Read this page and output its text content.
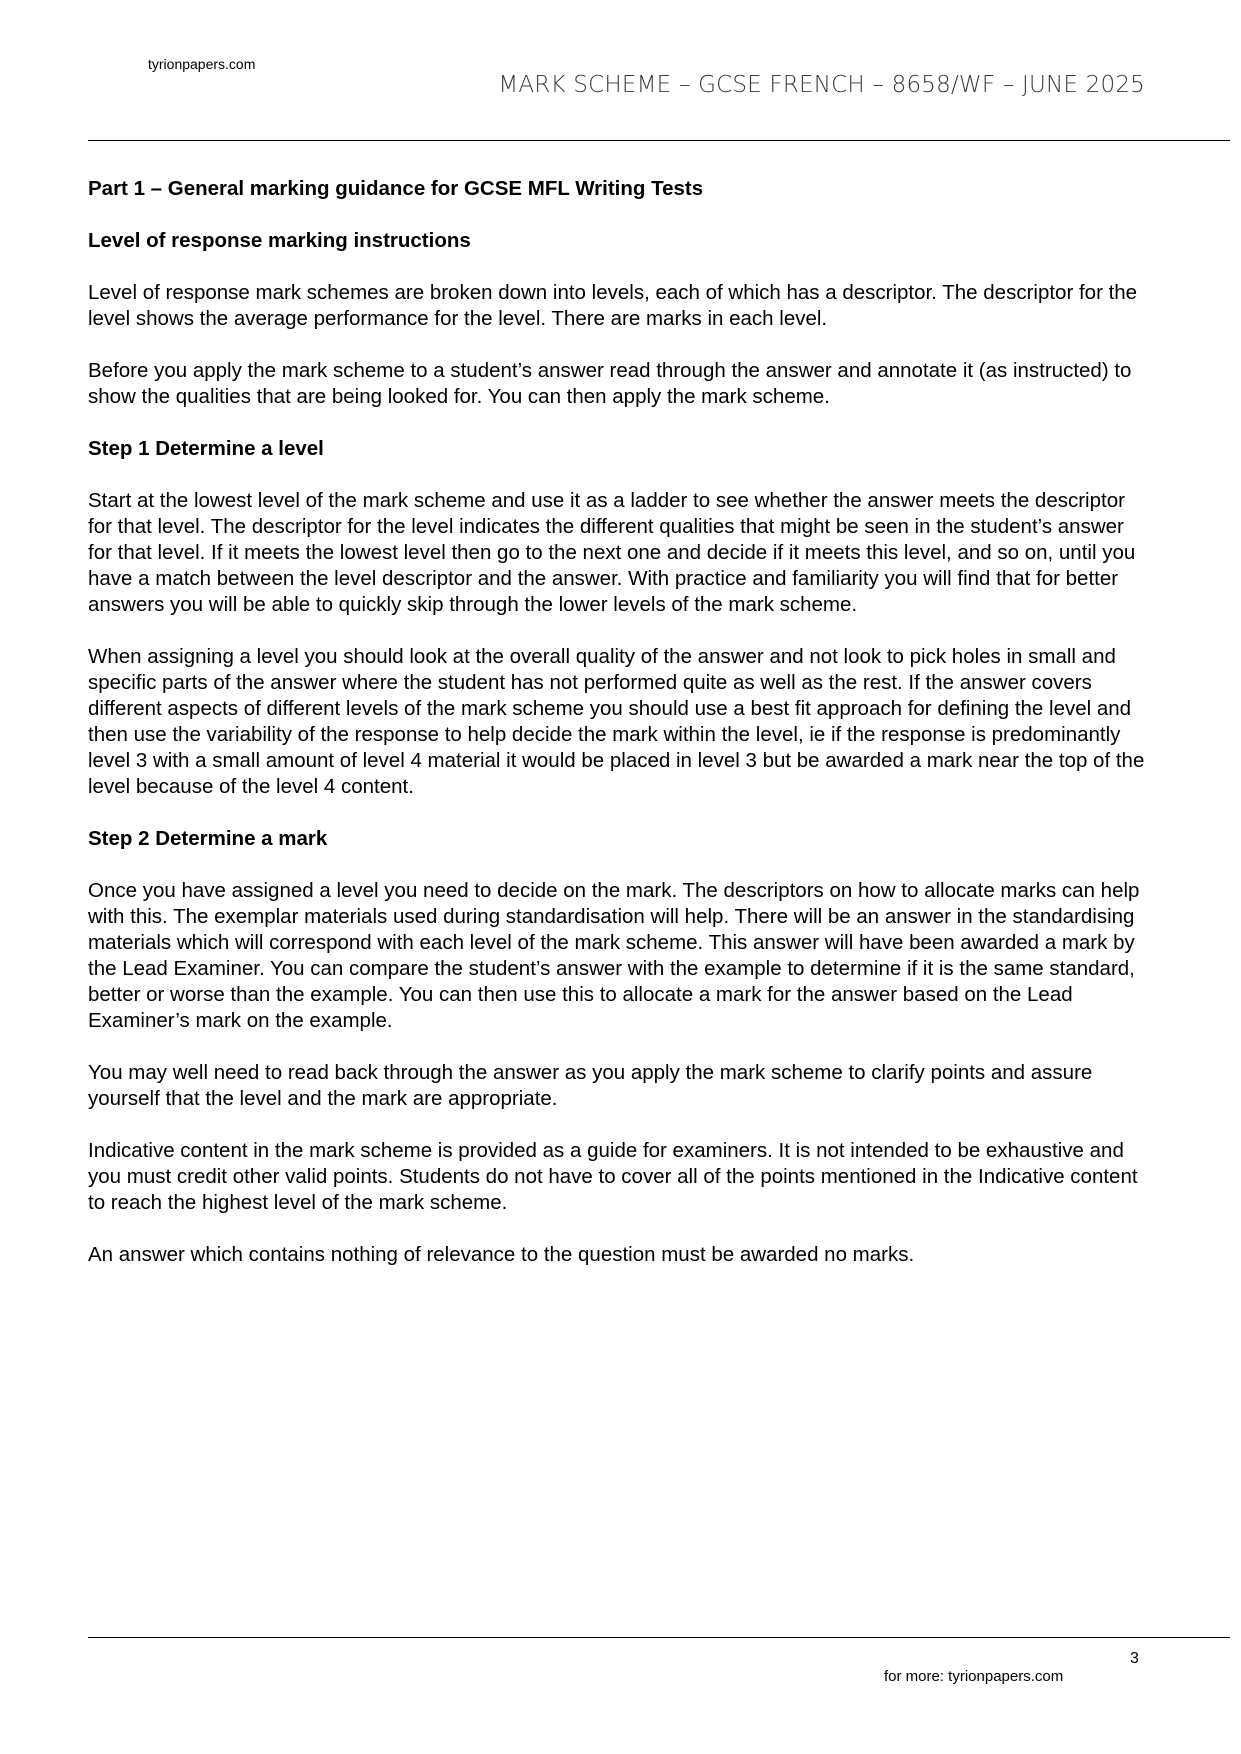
tyrionpapers.com
MARK SCHEME – GCSE FRENCH – 8658/WF – JUNE 2025
Part 1 – General marking guidance for GCSE MFL Writing Tests
Level of response marking instructions

Level of response mark schemes are broken down into levels, each of which has a descriptor. The descriptor for the level shows the average performance for the level. There are marks in each level.

Before you apply the mark scheme to a student’s answer read through the answer and annotate it (as instructed) to show the qualities that are being looked for. You can then apply the mark scheme.

Step 1 Determine a level

Start at the lowest level of the mark scheme and use it as a ladder to see whether the answer meets the descriptor for that level. The descriptor for the level indicates the different qualities that might be seen in the student’s answer for that level. If it meets the lowest level then go to the next one and decide if it meets this level, and so on, until you have a match between the level descriptor and the answer. With practice and familiarity you will find that for better answers you will be able to quickly skip through the lower levels of the mark scheme.

When assigning a level you should look at the overall quality of the answer and not look to pick holes in small and specific parts of the answer where the student has not performed quite as well as the rest. If the answer covers different aspects of different levels of the mark scheme you should use a best fit approach for defining the level and then use the variability of the response to help decide the mark within the level, ie if the response is predominantly level 3 with a small amount of level 4 material it would be placed in level 3 but be awarded a mark near the top of the level because of the level 4 content.

Step 2 Determine a mark

Once you have assigned a level you need to decide on the mark. The descriptors on how to allocate marks can help with this. The exemplar materials used during standardisation will help. There will be an answer in the standardising materials which will correspond with each level of the mark scheme. This answer will have been awarded a mark by the Lead Examiner. You can compare the student’s answer with the example to determine if it is the same standard, better or worse than the example. You can then use this to allocate a mark for the answer based on the Lead Examiner’s mark on the example.

You may well need to read back through the answer as you apply the mark scheme to clarify points and assure yourself that the level and the mark are appropriate.

Indicative content in the mark scheme is provided as a guide for examiners. It is not intended to be exhaustive and you must credit other valid points. Students do not have to cover all of the points mentioned in the Indicative content to reach the highest level of the mark scheme.

An answer which contains nothing of relevance to the question must be awarded no marks.

3
for more: tyrionpapers.com
